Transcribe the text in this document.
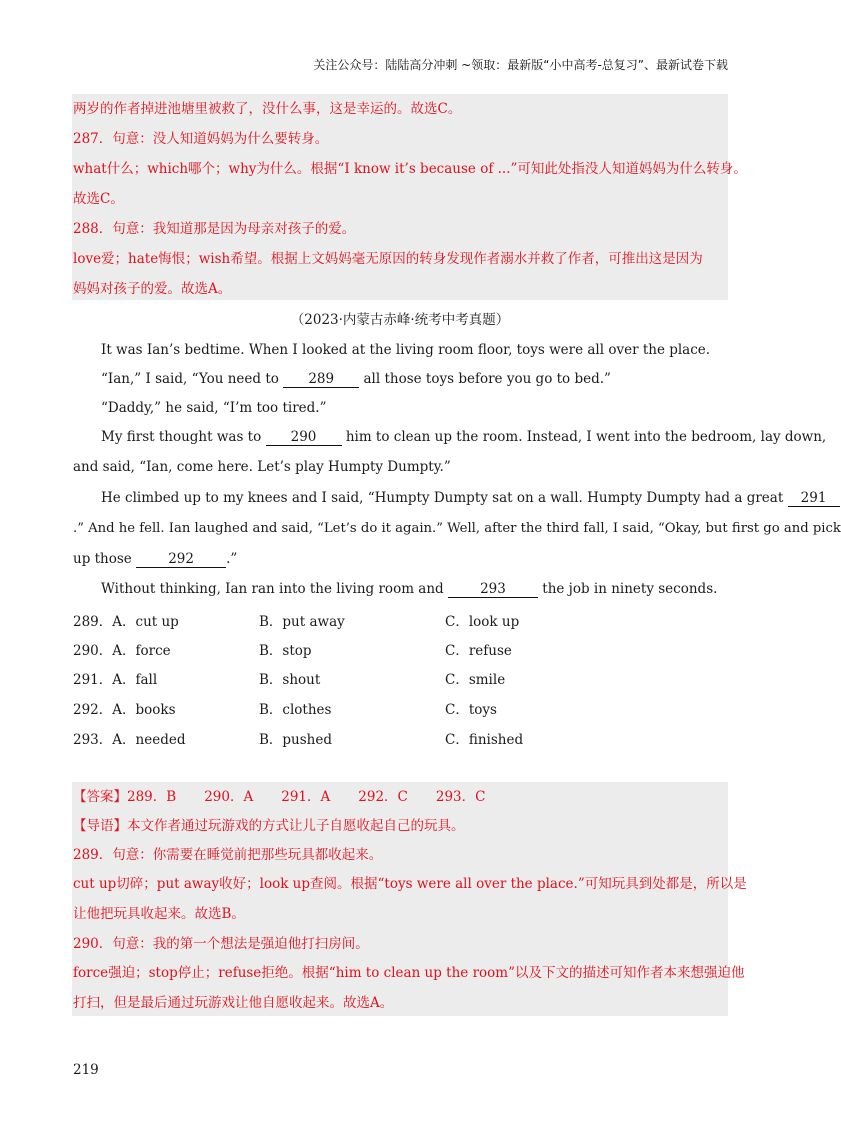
关注公众号：陆陆高分冲刺 ~领取：最新版“小中高考-总复习”、最新试卷下载
两岁的作者掉进池塘里被救了，没什么事，这是幸运的。故选C。
287．句意：没人知道妈妈为什么要转身。
what什么；which哪个；why为什么。根据“I know it’s because of ...”可知此处指没人知道妈妈为什么转身。
故选C。
288．句意：我知道那是因为母亲对孩子的爱。
love爱；hate悔恨；wish希望。根据上文妈妈毫无原因的转身发现作者溺水并救了作者，可推出这是因为
妈妈对孩子的爱。故选A。
（2023·内蒙古赤峰·统考中考真题）
It was Ian’s bedtime. When I looked at the living room floor, toys were all over the place.
“Ian,” I said, “You need to 289 all those toys before you go to bed.”
“Daddy,” he said, “I’m too tired.”
My first thought was to 290 him to clean up the room. Instead, I went into the bedroom, lay down,
and said, “Ian, come here. Let’s play Humpty Dumpty.”
He climbed up to my knees and I said, “Humpty Dumpty sat on a wall. Humpty Dumpty had a great 291
.” And he fell. Ian laughed and said, “Let’s do it again.” Well, after the third fall, I said, “Okay, but first go and pick
up those	292 .”
Without thinking, Ian ran into the living room and	293	the job in ninety seconds.
289．A．cut up	B．put away	C．look up
290．A．force	B．stop	C．refuse
291．A．fall	B．shout	C．smile
292．A．books	B．clothes	C．toys
293．A．needed	B．pushed	C．finished
【答案】289．B 290．A 291．A 292．C 293．C
【导语】本文作者通过玩游戏的方式让儿子自愿收起自己的玩具。
289．句意：你需要在睡觉前把那些玩具都收起来。
cut up切碎；put away收好；look up查阅。根据“toys were all over the place.”可知玩具到处都是，所以是
让他把玩具收起来。故选B。
290．句意：我的第一个想法是强迫他打扫房间。
force强迫；stop停止；refuse拒绝。根据“him to clean up the room”以及下文的描述可知作者本来想强迫他
打扫，但是最后通过玩游戏让他自愿收起来。故选A。
219
